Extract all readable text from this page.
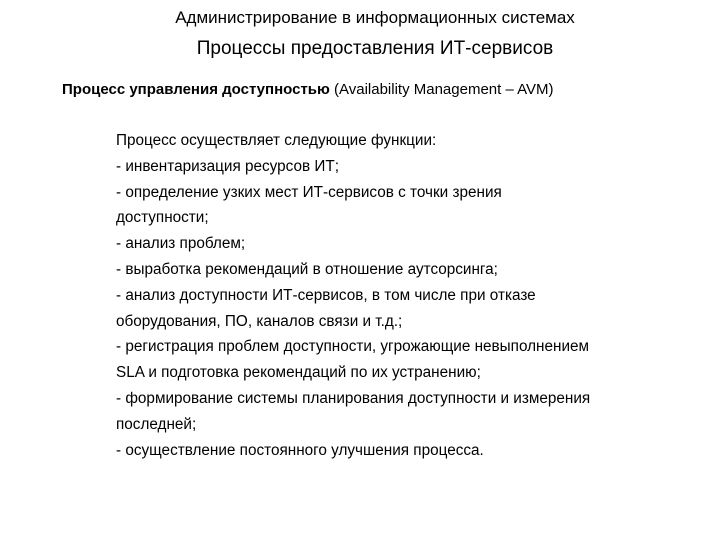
Администрирование в информационных системах
Процессы предоставления ИТ-сервисов
Процесс управления доступностью (Availability Management – AVM)
Процесс осуществляет следующие функции:
- инвентаризация ресурсов ИТ;
- определение узких мест ИТ-сервисов с точки зрения
доступности;
- анализ проблем;
- выработка рекомендаций в отношение аутсорсинга;
- анализ доступности ИТ-сервисов, в том числе при отказе
оборудования, ПО, каналов связи и т.д.;
- регистрация проблем доступности, угрожающие невыполнением
SLA и подготовка рекомендаций по их устранению;
- формирование системы планирования доступности и измерения
последней;
- осуществление постоянного улучшения процесса.
